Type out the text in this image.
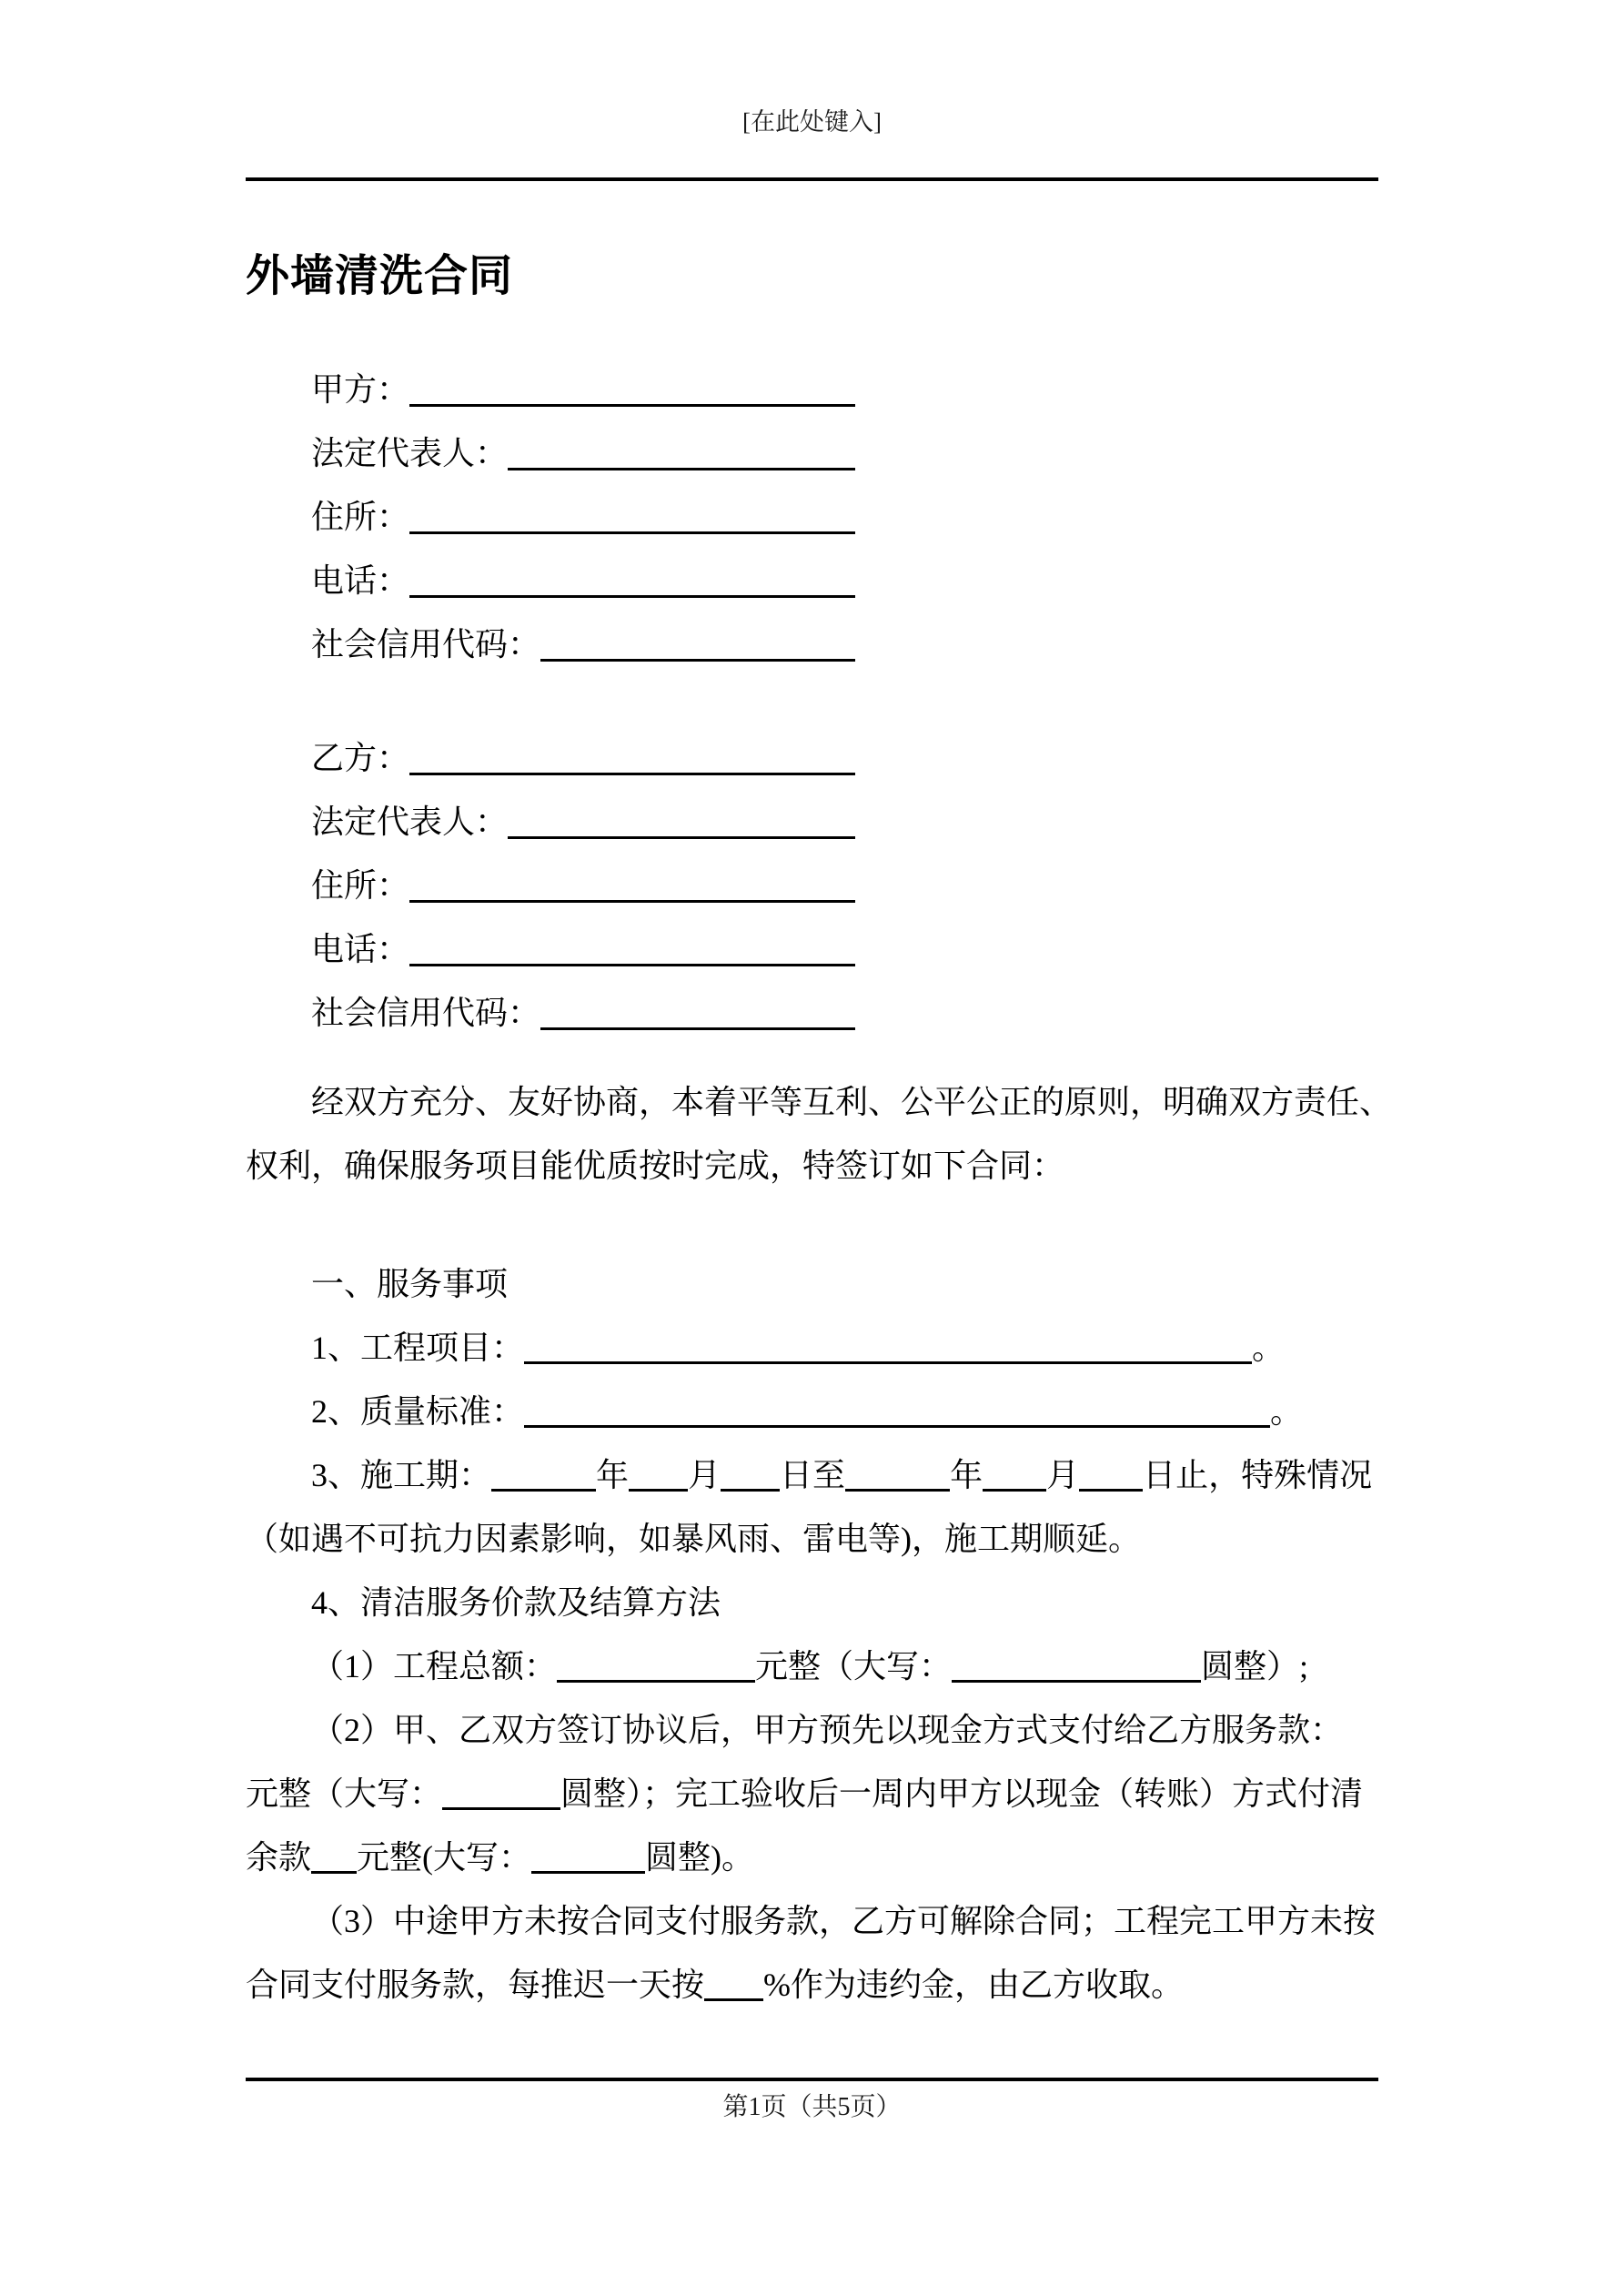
[在此处键入]
外墙清洗合同
甲方：
法定代表人：
住所：
电话：
社会信用代码：
乙方：
法定代表人：
住所：
电话：
社会信用代码：
经双方充分、友好协商，本着平等互利、公平公正的原则，明确双方责任、
权利，确保服务项目能优质按时完成，特签订如下合同：
一、服务事项
1、工程项目：	。
2、质量标准：	。
3、施工期：	年 月 日至	年 月 日止，特殊情况
（如遇不可抗力因素影响，如暴风雨、雷电等)，施工期顺延。
4、清洁服务价款及结算方法
（1）工程总额：	元整（大写：	圆整）;
（2）甲、乙双方签订协议后，甲方预先以现金方式支付给乙方服务款：
元整（大写：	圆整）；完工验收后一周内甲方以现金（转账）方式付清
余款 元整(大写：	圆整)。
（3）中途甲方未按合同支付服务款，乙方可解除合同；工程完工甲方未按
合同支付服务款，每推迟一天按 %作为违约金，由乙方收取。
第1页（共5页）
